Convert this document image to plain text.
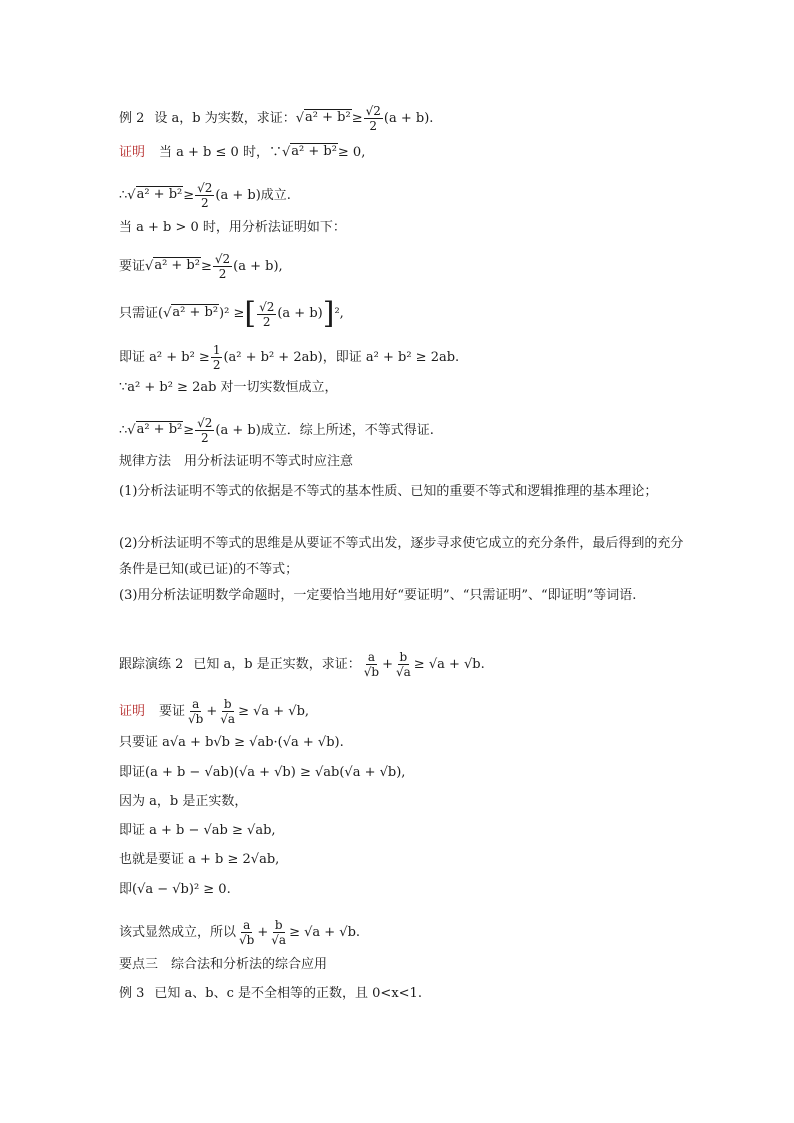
例 2 设 a，b 为实数，求证： √ $a^2 + b^2 \ge \frac{√2}{2} (a + b)$.
证明 当 a + b ≤ 0 时，∵ √ a² + b² ≥ 0,
∴ √ $a^2 + b^2 \ge \frac{√2}{2} (a + b)$成立.
当 a + b > 0 时，用分析法证明如下：
要证 √ $a^2 + b^2 \ge \frac{√2}{2} (a + b)$,
只需证( √ a² + b² )² ≥ [ $\frac{√2}{2} (a + b)$ ] ²,
即证 $a^2 + b^2 \ge \frac{1}{2} (a^2 + b^2 + 2ab)$，即证 a² + b² ≥ 2ab.
∵a² + b² ≥ 2ab 对一切实数恒成立，
∴ √ $a^2 + b^2 \ge \frac{√2}{2} (a + b)$成立．综上所述，不等式得证.
规律方法　用分析法证明不等式时应注意
(1)分析法证明不等式的依据是不等式的基本性质、已知的重要不等式和逻辑推理的基本理论；
(2)分析法证明不等式的思维是从要证不等式出发，逐步寻求使它成立的充分条件，最后得到的充分条件是已知(或已证)的不等式；
(3)用分析法证明数学命题时，一定要恰当地用好“要证明”、“只需证明”、“即证明”等词语.
跟踪演练 2 已知 a，b 是正实数，求证： $\frac{a}{√b} + \frac{b}{√a} \ge √a + √b$.
证明 要证 $\frac{a}{√b} + \frac{b}{√a} \ge √a + √b$,
只要证 a√a + b√b ≥ √ab·(√a + √b).
即证(a + b − √ab)(√a + √b) ≥ √ab(√a + √b),
因为 a，b 是正实数，
即证 a + b − √ab ≥ √ab,
也就是要证 a + b ≥ 2√ab,
即(√a − √b)² ≥ 0.
该式显然成立，所以 $\frac{a}{√b} + \frac{b}{√a} \ge √a + √b$.
要点三　综合法和分析法的综合应用
例 3 已知 a、b、c 是不全相等的正数，且 0<x<1.
